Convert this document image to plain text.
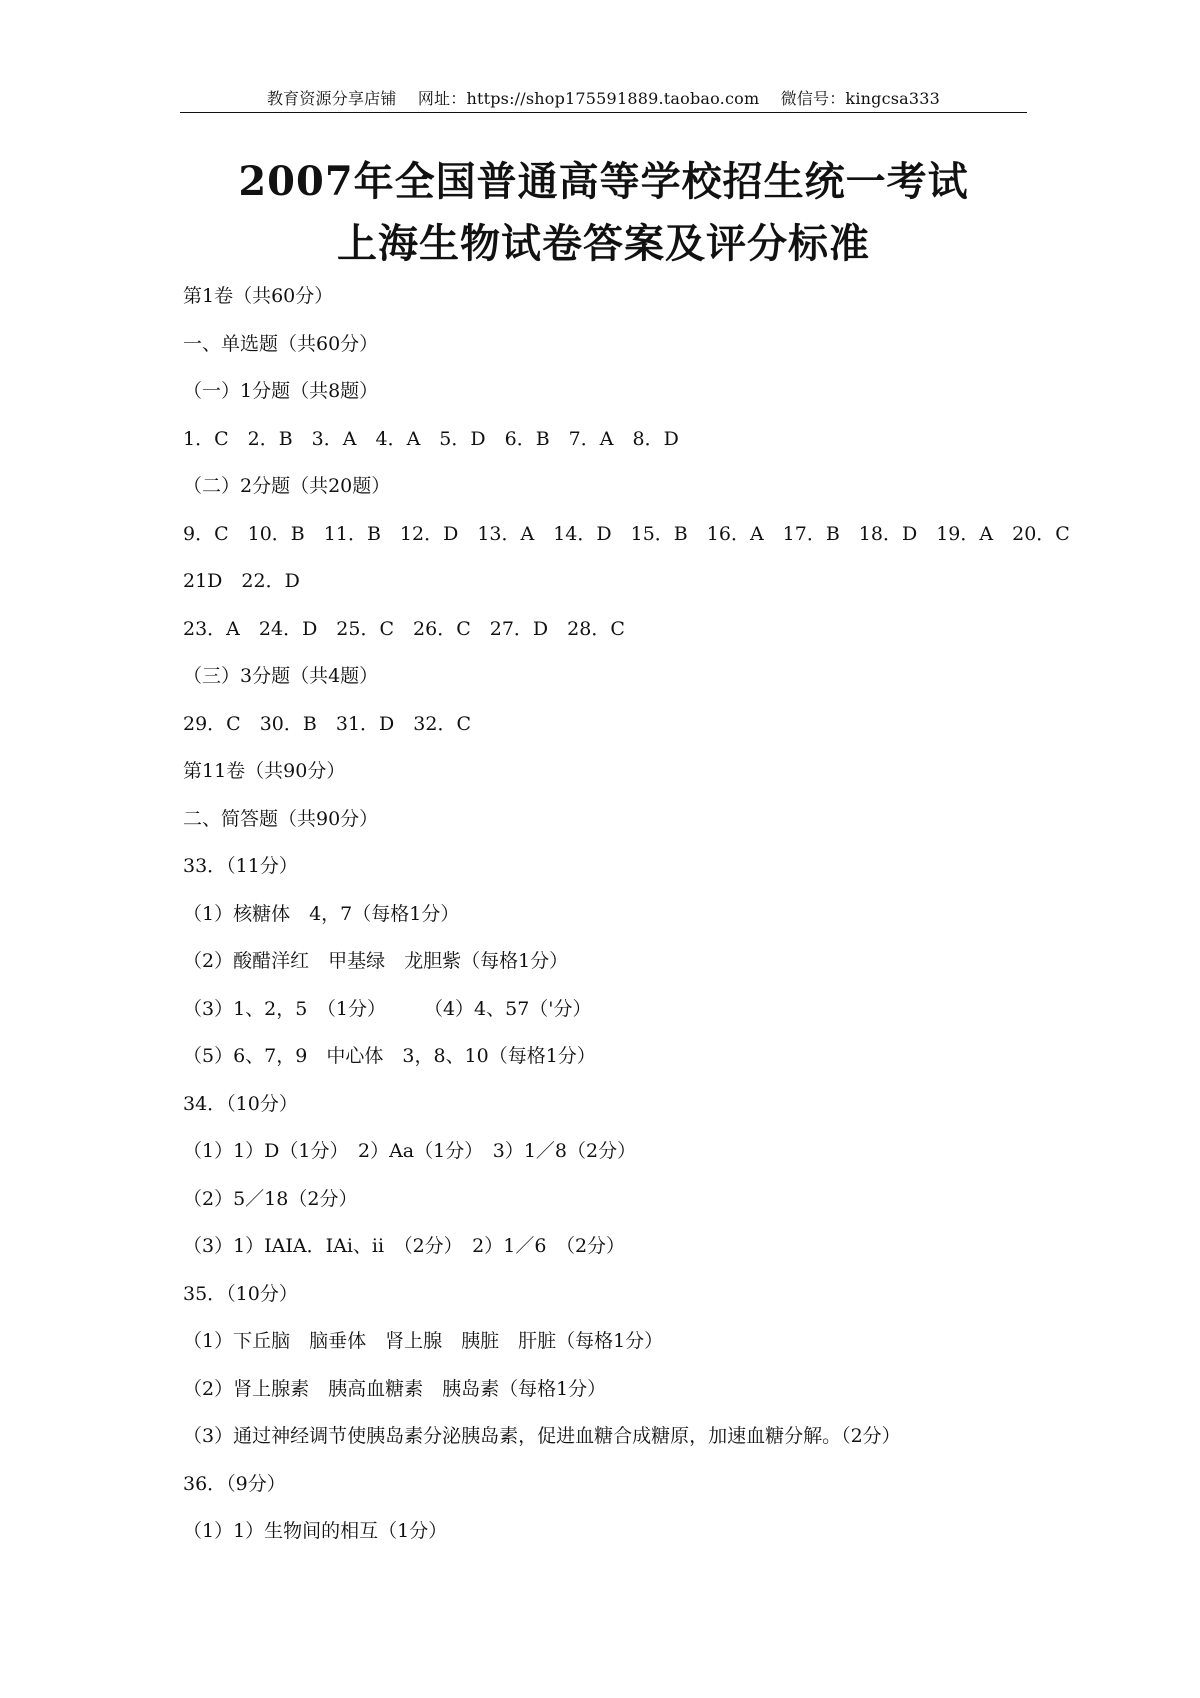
教育资源分享店铺 网址：https://shop175591889.taobao.com 微信号：kingcsa333
2007年全国普通高等学校招生统一考试
上海生物试卷答案及评分标准
第1卷（共60分）
一、单选题（共60分）
（一）1分题（共8题）
1．C　2．B　3．A　4．A　5．D　6．B　7．A　8．D
（二）2分题（共20题）
9．C　10．B　11．B　12．D　13．A　14．D　15．B　16．A　17．B　18．D　19．A　20．C
21D　22．D
23．A　24．D　25．C　26．C　27．D　28．C
（三）3分题（共4题）
29．C　30．B　31．D　32．C
第11卷（共90分）
二、简答题（共90分）
33．（11分）
（1）核糖体　4，7（每格1分）
（2）酸醋洋红　甲基绿　龙胆紫（每格1分）
（3）1、2，5　（1分）　　　（4）4、57（'分）
（5）6、7，9　中心体　3，8、10（每格1分）
34．（10分）
（1）1）D（1分）　2）Aa（1分）　3）1／8（2分）
（2）5／18（2分）
（3）1）IAIA．IAi、ii　（2分）　2）1／6　（2分）
35．（10分）
（1）下丘脑　脑垂体　肾上腺　胰脏　肝脏（每格1分）
（2）肾上腺素　胰高血糖素　胰岛素（每格1分）
（3）通过神经调节使胰岛素分泌胰岛素，促进血糖合成糖原，加速血糖分解。（2分）
36．（9分）
（1）1）生物间的相互（1分）
